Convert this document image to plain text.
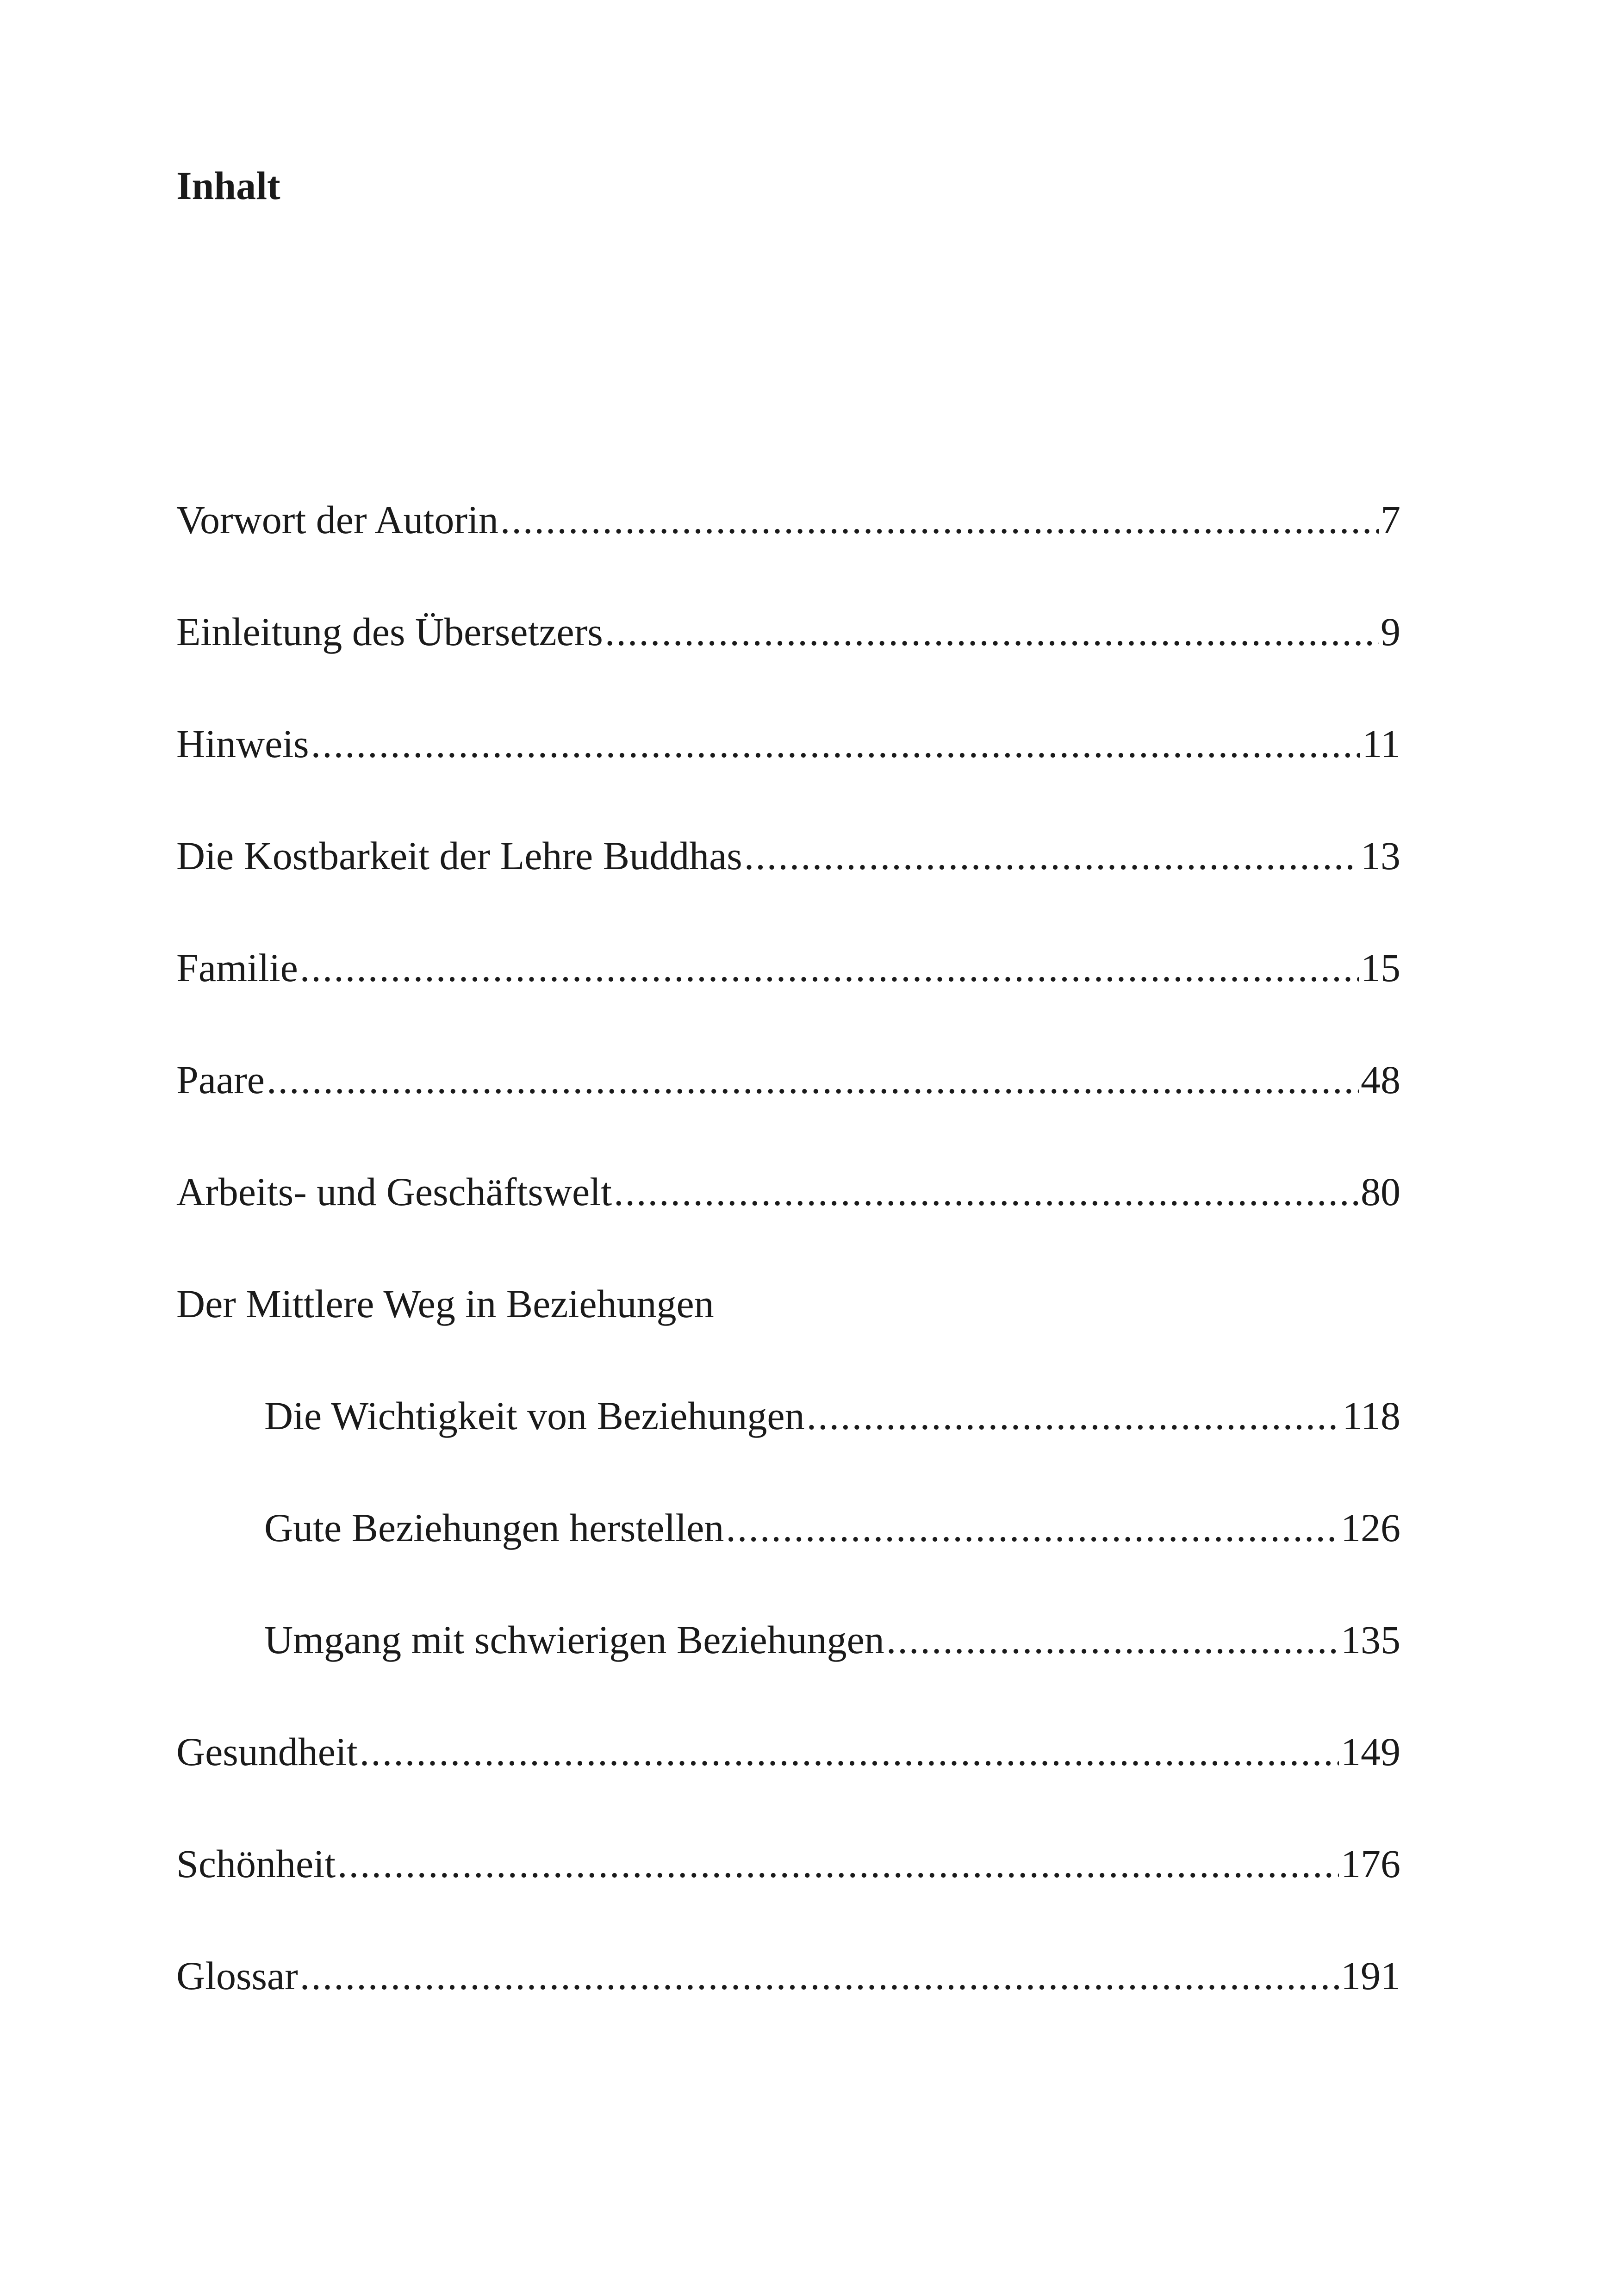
Inhalt
Vorwort der Autorin .....	7
Einleitung des Übersetzers .....	9
Hinweis .....	11
Die Kostbarkeit der Lehre Buddhas .....	13
Familie .....	15
Paare .....	48
Arbeits- und Geschäftswelt .....	80
Der Mittlere Weg in Beziehungen
Die Wichtigkeit von Beziehungen .....	118
Gute Beziehungen herstellen .....	126
Umgang mit schwierigen Beziehungen .....	135
Gesundheit .....	149
Schönheit .....	176
Glossar .....	191
